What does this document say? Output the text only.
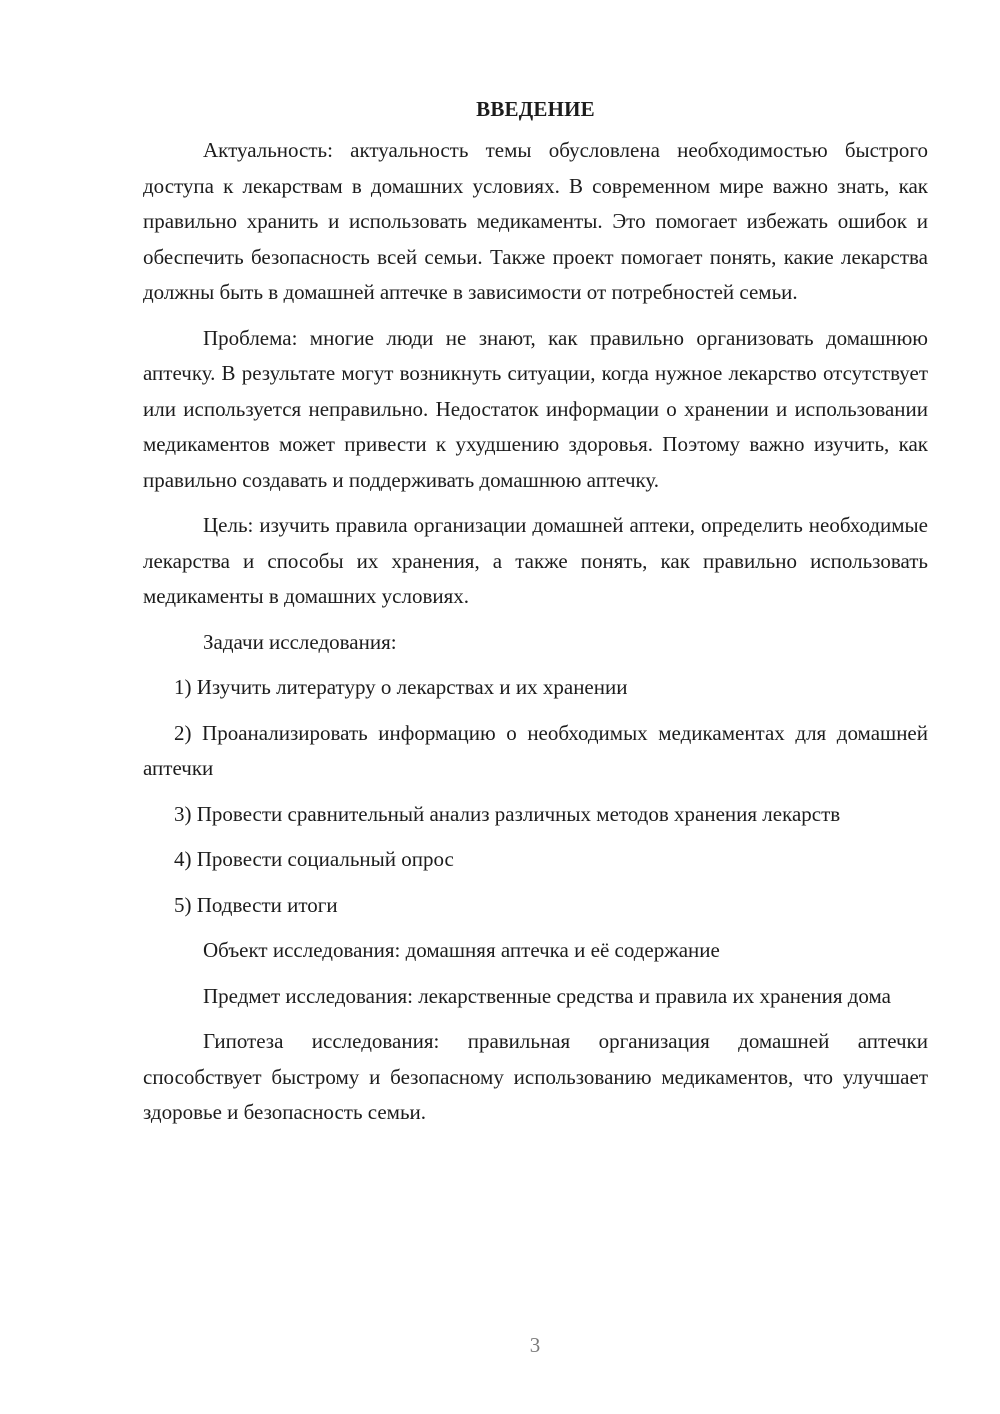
ВВЕДЕНИЕ

Актуальность: актуальность темы обусловлена необходимостью быстрого доступа к лекарствам в домашних условиях. В современном мире важно знать, как правильно хранить и использовать медикаменты. Это помогает избежать ошибок и обеспечить безопасность всей семьи. Также проект помогает понять, какие лекарства должны быть в домашней аптечке в зависимости от потребностей семьи.

Проблема: многие люди не знают, как правильно организовать домашнюю аптечку. В результате могут возникнуть ситуации, когда нужное лекарство отсутствует или используется неправильно. Недостаток информации о хранении и использовании медикаментов может привести к ухудшению здоровья. Поэтому важно изучить, как правильно создавать и поддерживать домашнюю аптечку.

Цель: изучить правила организации домашней аптеки, определить необходимые лекарства и способы их хранения, а также понять, как правильно использовать медикаменты в домашних условиях.

Задачи исследования:

1) Изучить литературу о лекарствах и их хранении

2) Проанализировать информацию о необходимых медикаментах для домашней аптечки

3) Провести сравнительный анализ различных методов хранения лекарств

4) Провести социальный опрос

5) Подвести итоги

Объект исследования: домашняя аптечка и её содержание

Предмет исследования: лекарственные средства и правила их хранения дома

Гипотеза исследования: правильная организация домашней аптечки способствует быстрому и безопасному использованию медикаментов, что улучшает здоровье и безопасность семьи.

3
